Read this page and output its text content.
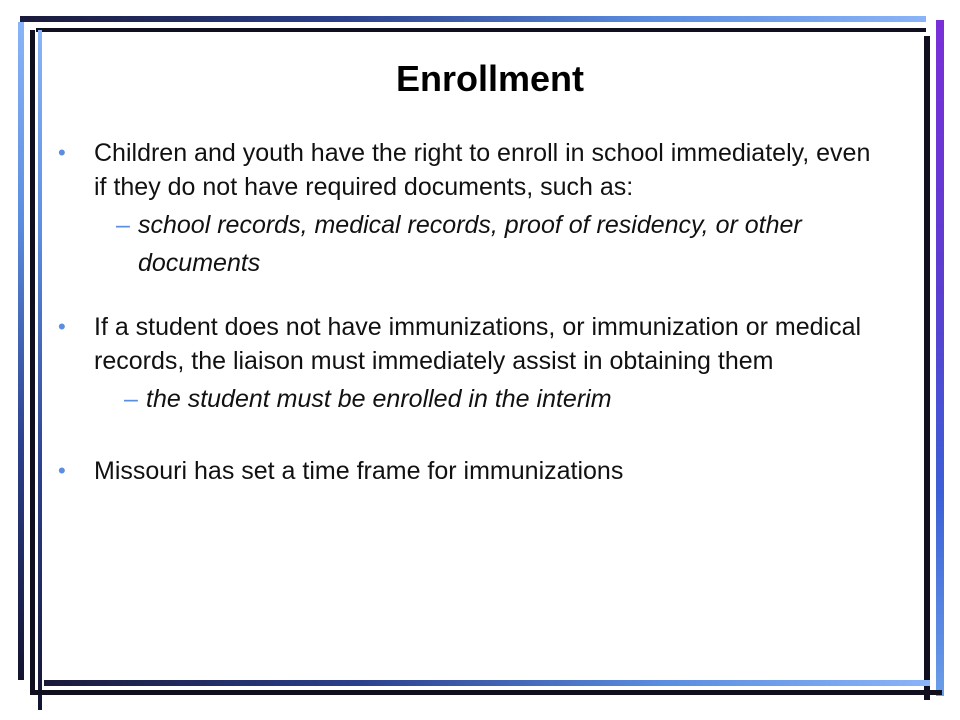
Enrollment

• Children and youth have the right to enroll in school immediately, even if they do not have required documents, such as:

– school records, medical records, proof of residency, or other documents

• If a student does not have immunizations, or immunization or medical records, the liaison must immediately assist in obtaining them

– the student must be enrolled in the interim

• Missouri has set a time frame for immunizations
